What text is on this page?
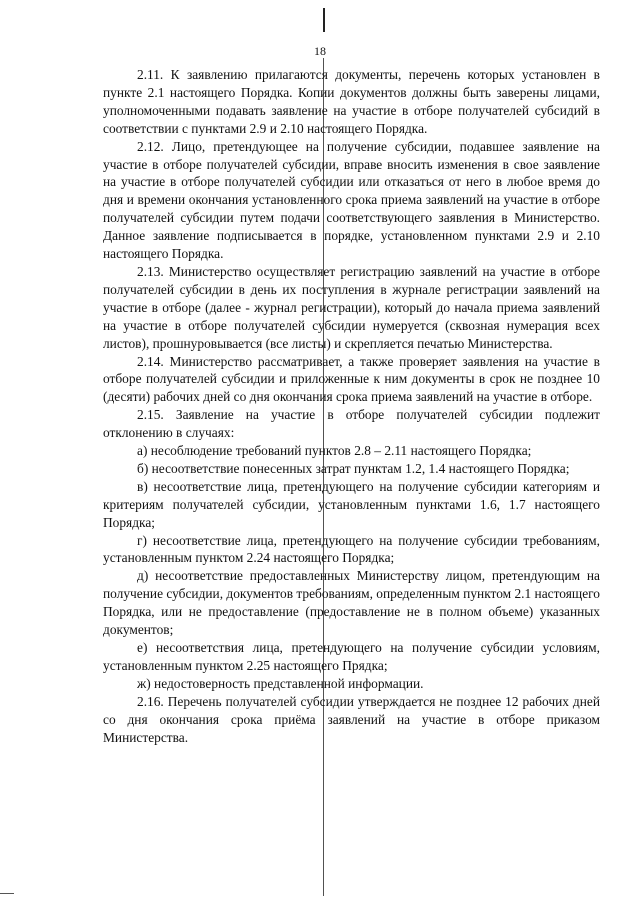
18

2.11. К заявлению прилагаются документы, перечень которых установлен в пункте 2.1 настоящего Порядка. Копии документов должны быть заверены лицами, уполномоченными подавать заявление на участие в отборе получателей субсидий в соответствии с пунктами 2.9 и 2.10 настоящего Порядка.

2.12. Лицо, претендующее на получение субсидии, подавшее заявление на участие в отборе получателей субсидии, вправе вносить изменения в свое заявление на участие в отборе получателей субсидии или отказаться от него в любое время до дня и времени окончания установленного срока приема заявлений на участие в отборе получателей субсидии путем подачи соответствующего заявления в Министерство. Данное заявление подписывается в порядке, установленном пунктами 2.9 и 2.10 настоящего Порядка.

2.13. Министерство осуществляет регистрацию заявлений на участие в отборе получателей субсидии в день их поступления в журнале регистрации заявлений на участие в отборе (далее - журнал регистрации), который до начала приема заявлений на участие в отборе получателей субсидии нумеруется (сквозная нумерация всех листов), прошнуровывается (все листы) и скрепляется печатью Министерства.

2.14. Министерство рассматривает, а также проверяет заявления на участие в отборе получателей субсидии и приложенные к ним документы в срок не позднее 10 (десяти) рабочих дней со дня окончания срока приема заявлений на участие в отборе.

2.15. Заявление на участие в отборе получателей субсидии подлежит отклонению в случаях:

а) несоблюдение требований пунктов 2.8 – 2.11 настоящего Порядка;

б) несоответствие понесенных затрат пунктам 1.2, 1.4 настоящего Порядка;

в) несоответствие лица, претендующего на получение субсидии категориям и критериям получателей субсидии, установленным пунктами 1.6, 1.7 настоящего Порядка;

г) несоответствие лица, претендующего на получение субсидии требованиям, установленным пунктом 2.24 настоящего Порядка;

д) несоответствие предоставленных Министерству лицом, претендующим на получение субсидии, документов требованиям, определенным пунктом 2.1 настоящего Порядка, или не предоставление (предоставление не в полном объеме) указанных документов;

е) несоответствия лица, претендующего на получение субсидии условиям, установленным пунктом 2.25 настоящего Прядка;

ж) недостоверность представленной информации.

2.16. Перечень получателей субсидии утверждается не позднее 12 рабочих дней со дня окончания срока приёма заявлений на участие в отборе приказом Министерства.
